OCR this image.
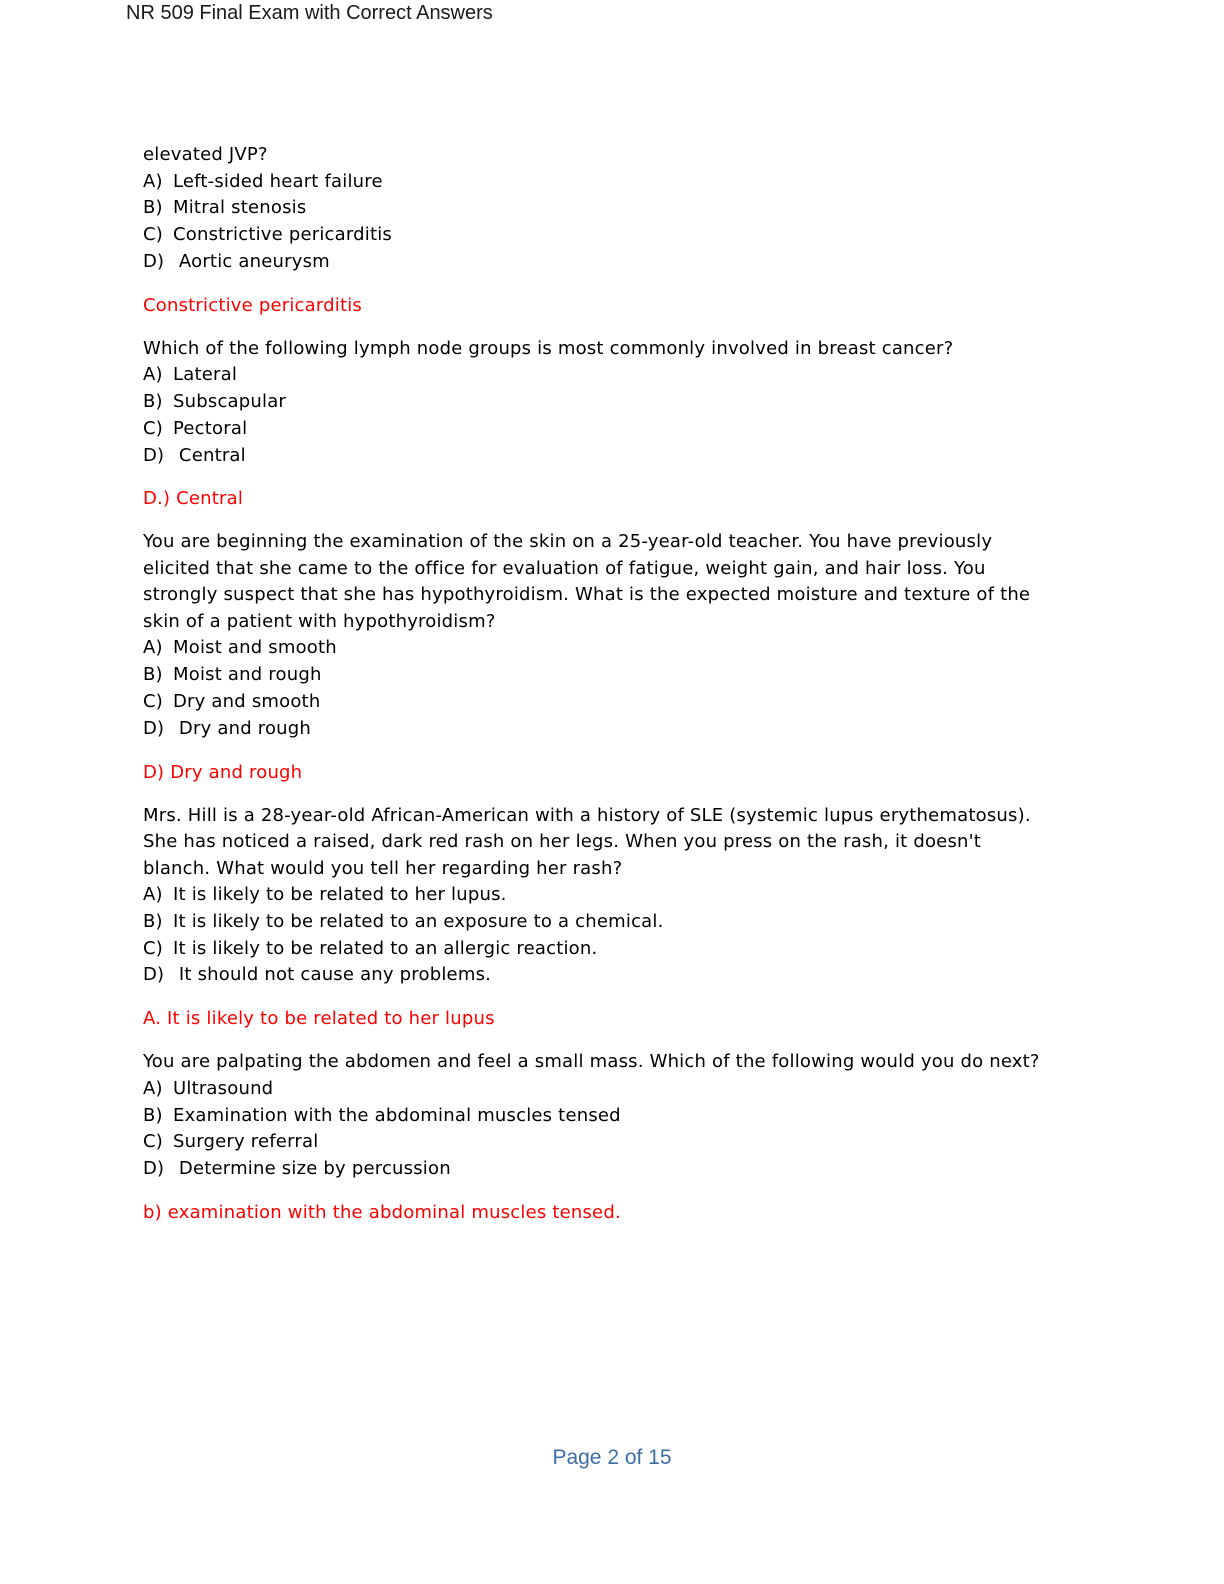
NR 509 Final Exam with Correct Answers

elevated JVP?

A) Left-sided heart failure

B) Mitral stenosis

C) Constrictive pericarditis

D) Aortic aneurysm

Constrictive pericarditis

Which of the following lymph node groups is most commonly involved in breast cancer?

A) Lateral

B) Subscapular

C) Pectoral

D) Central

D.) Central

You are beginning the examination of the skin on a 25-year-old teacher. You have previously elicited that she came to the office for evaluation of fatigue, weight gain, and hair loss. You strongly suspect that she has hypothyroidism. What is the expected moisture and texture of the skin of a patient with hypothyroidism?

A) Moist and smooth

B) Moist and rough

C) Dry and smooth

D) Dry and rough

D) Dry and rough

Mrs. Hill is a 28-year-old African-American with a history of SLE (systemic lupus erythematosus). She has noticed a raised, dark red rash on her legs. When you press on the rash, it doesn't blanch. What would you tell her regarding her rash?

A) It is likely to be related to her lupus.

B) It is likely to be related to an exposure to a chemical.

C) It is likely to be related to an allergic reaction.

D) It should not cause any problems.

A. It is likely to be related to her lupus

You are palpating the abdomen and feel a small mass. Which of the following would you do next?

A) Ultrasound

B) Examination with the abdominal muscles tensed

C) Surgery referral

D) Determine size by percussion

b) examination with the abdominal muscles tensed.

Page 2 of 15
